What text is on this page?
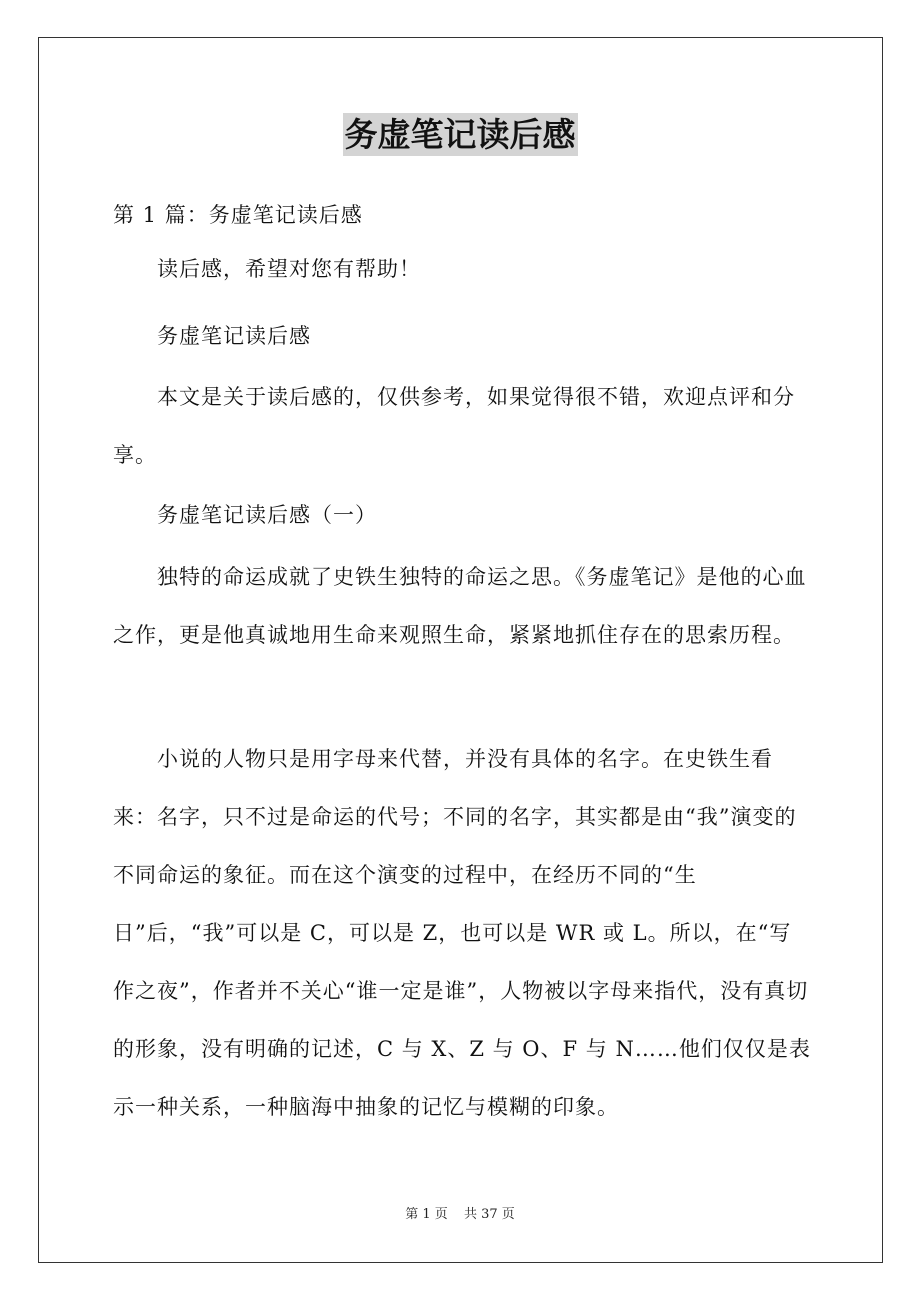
务虚笔记读后感

第 1 篇：务虚笔记读后感

读后感，希望对您有帮助！

务虚笔记读后感

本文是关于读后感的，仅供参考，如果觉得很不错，欢迎点评和分享。

务虚笔记读后感（一）

独特的命运成就了史铁生独特的命运之思。《务虚笔记》是他的心血之作，更是他真诚地用生命来观照生命，紧紧地抓住存在的思索历程。

小说的人物只是用字母来代替，并没有具体的名字。在史铁生看来：名字，只不过是命运的代号；不同的名字，其实都是由“我”演变的不同命运的象征。而在这个演变的过程中，在经历不同的“生日”后，“我”可以是 C，可以是 Z，也可以是 WR 或 L。所以，在“写作之夜”，作者并不关心“谁一定是谁”，人物被以字母来指代，没有真切的形象，没有明确的记述，C 与 X、Z 与 O、F 与 N……他们仅仅是表示一种关系，一种脑海中抽象的记忆与模糊的印象。

第 1 页 共 37 页
